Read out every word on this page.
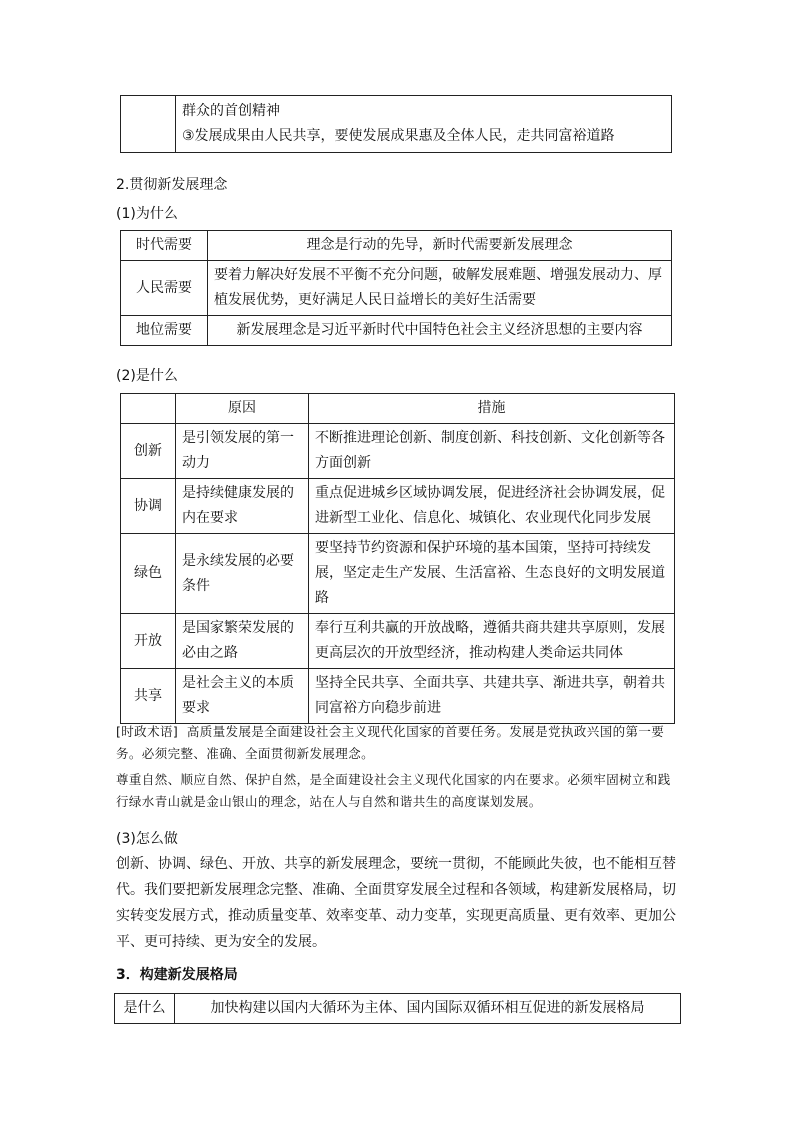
群众的首创精神
③发展成果由人民共享，要使发展成果惠及全体人民，走共同富裕道路
2.贯彻新发展理念
(1)为什么
时代需要	理念是行动的先导，新时代需要新发展理念
人民需要	要着力解决好发展不平衡不充分问题，破解发展难题、增强发展动力、厚植发展优势，更好满足人民日益增长的美好生活需要
地位需要	新发展理念是习近平新时代中国特色社会主义经济思想的主要内容
(2)是什么
	原因	措施
创新	是引领发展的第一动力	不断推进理论创新、制度创新、科技创新、文化创新等各方面创新
协调	是持续健康发展的内在要求	重点促进城乡区域协调发展，促进经济社会协调发展，促进新型工业化、信息化、城镇化、农业现代化同步发展
绿色	是永续发展的必要条件	要坚持节约资源和保护环境的基本国策，坚持可持续发展，坚定走生产发展、生活富裕、生态良好的文明发展道路
开放	是国家繁荣发展的必由之路	奉行互利共赢的开放战略，遵循共商共建共享原则，发展更高层次的开放型经济，推动构建人类命运共同体
共享	是社会主义的本质要求	坚持全民共享、全面共享、共建共享、渐进共享，朝着共同富裕方向稳步前进
[时政术语] 高质量发展是全面建设社会主义现代化国家的首要任务。发展是党执政兴国的第一要务。必须完整、准确、全面贯彻新发展理念。
尊重自然、顺应自然、保护自然，是全面建设社会主义现代化国家的内在要求。必须牢固树立和践行绿水青山就是金山银山的理念，站在人与自然和谐共生的高度谋划发展。
(3)怎么做
创新、协调、绿色、开放、共享的新发展理念，要统一贯彻，不能顾此失彼，也不能相互替代。我们要把新发展理念完整、准确、全面贯穿发展全过程和各领域，构建新发展格局，切实转变发展方式，推动质量变革、效率变革、动力变革，实现更高质量、更有效率、更加公平、更可持续、更为安全的发展。
3．构建新发展格局
是什么	加快构建以国内大循环为主体、国内国际双循环相互促进的新发展格局
